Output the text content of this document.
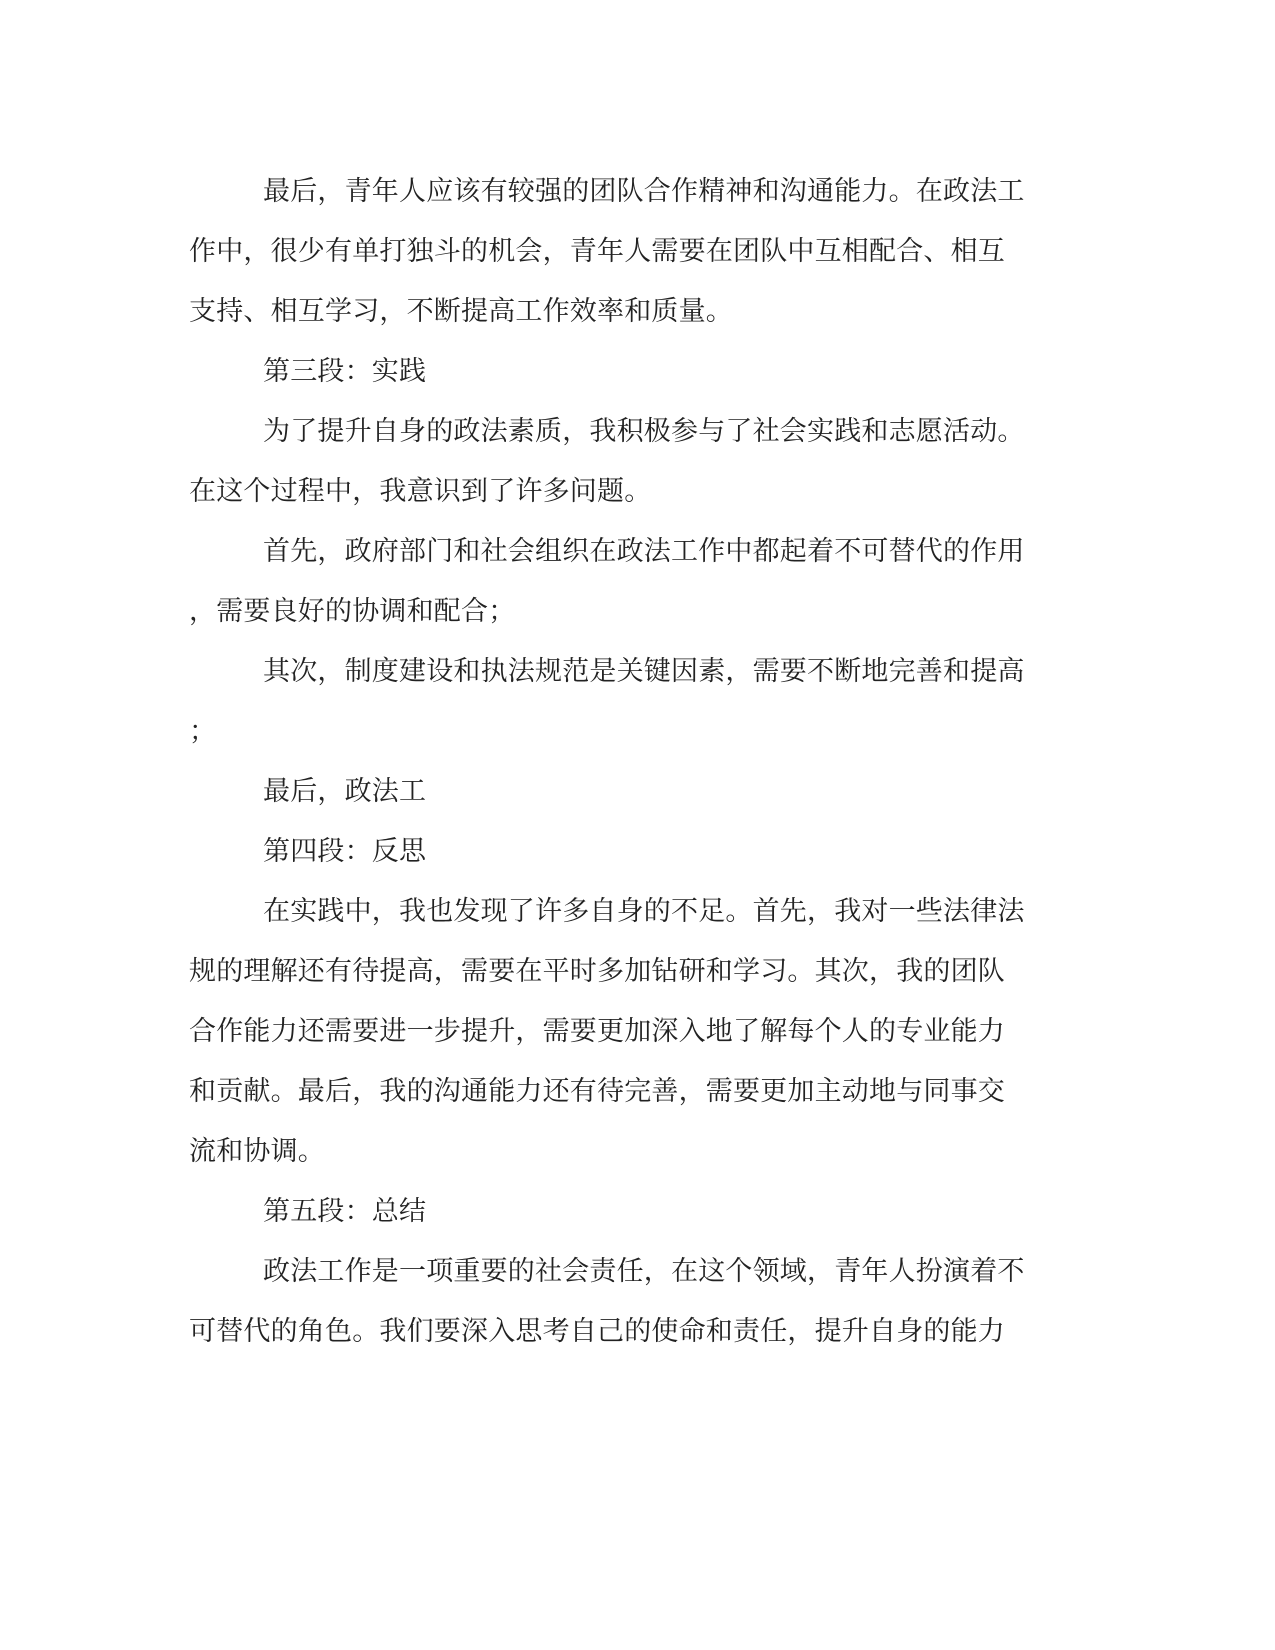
最后，青年人应该有较强的团队合作精神和沟通能力。在政法工
作中，很少有单打独斗的机会，青年人需要在团队中互相配合、相互
支持、相互学习，不断提高工作效率和质量。
第三段：实践
为了提升自身的政法素质，我积极参与了社会实践和志愿活动。
在这个过程中，我意识到了许多问题。
首先，政府部门和社会组织在政法工作中都起着不可替代的作用
，需要良好的协调和配合；
其次，制度建设和执法规范是关键因素，需要不断地完善和提高
；
最后，政法工
第四段：反思
在实践中，我也发现了许多自身的不足。首先，我对一些法律法
规的理解还有待提高，需要在平时多加钻研和学习。其次，我的团队
合作能力还需要进一步提升，需要更加深入地了解每个人的专业能力
和贡献。最后，我的沟通能力还有待完善，需要更加主动地与同事交
流和协调。
第五段：总结
政法工作是一项重要的社会责任，在这个领域，青年人扮演着不
可替代的角色。我们要深入思考自己的使命和责任，提升自身的能力
